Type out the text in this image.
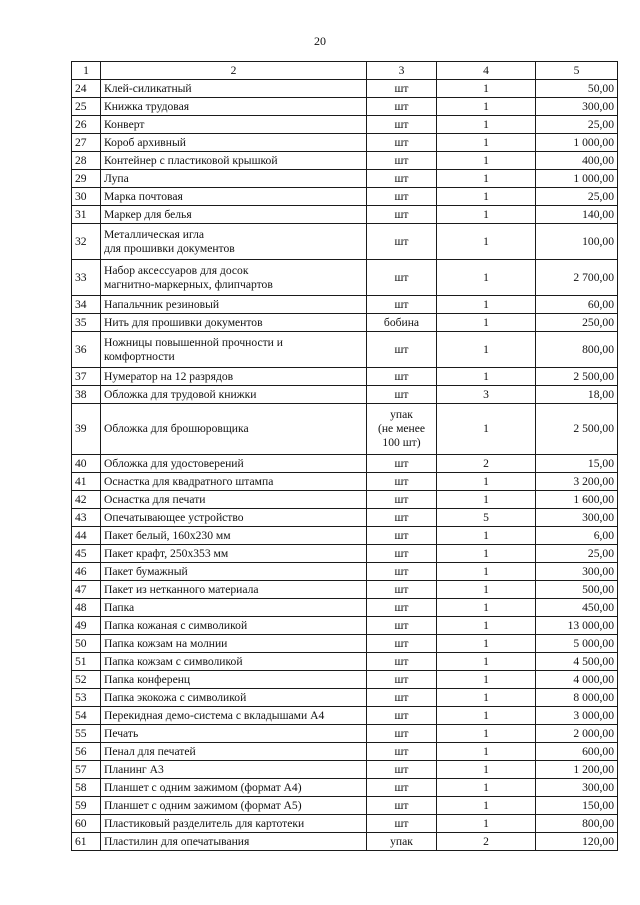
20
1	2	3	4	5
24	Клей-силикатный	шт	1	50,00
25	Книжка трудовая	шт	1	300,00
26	Конверт	шт	1	25,00
27	Короб архивный	шт	1	1 000,00
28	Контейнер с пластиковой крышкой	шт	1	400,00
29	Лупа	шт	1	1 000,00
30	Марка почтовая	шт	1	25,00
31	Маркер для белья	шт	1	140,00
32	Металлическая игла
для прошивки документов	шт	1	100,00
33	Набор аксессуаров для досок
магнитно-маркерных, флипчартов	шт	1	2 700,00
34	Напальчник резиновый	шт	1	60,00
35	Нить для прошивки документов	бобина	1	250,00
36	Ножницы повышенной прочности и
комфортности	шт	1	800,00
37	Нумератор на 12 разрядов	шт	1	2 500,00
38	Обложка для трудовой книжки	шт	3	18,00
39	Обложка для брошюровщика	упак
(не менее
100 шт)	1	2 500,00
40	Обложка для удостоверений	шт	2	15,00
41	Оснастка для квадратного штампа	шт	1	3 200,00
42	Оснастка для печати	шт	1	1 600,00
43	Опечатывающее устройство	шт	5	300,00
44	Пакет белый, 160х230 мм	шт	1	6,00
45	Пакет крафт, 250х353 мм	шт	1	25,00
46	Пакет бумажный	шт	1	300,00
47	Пакет из нетканного материала	шт	1	500,00
48	Папка	шт	1	450,00
49	Папка кожаная с символикой	шт	1	13 000,00
50	Папка кожзам на молнии	шт	1	5 000,00
51	Папка кожзам с символикой	шт	1	4 500,00
52	Папка конференц	шт	1	4 000,00
53	Папка экокожа с символикой	шт	1	8 000,00
54	Перекидная демо-система с вкладышами А4	шт	1	3 000,00
55	Печать	шт	1	2 000,00
56	Пенал для печатей	шт	1	600,00
57	Планинг А3	шт	1	1 200,00
58	Планшет с одним зажимом (формат А4)	шт	1	300,00
59	Планшет с одним зажимом (формат А5)	шт	1	150,00
60	Пластиковый разделитель для картотеки	шт	1	800,00
61	Пластилин для опечатывания	упак	2	120,00
